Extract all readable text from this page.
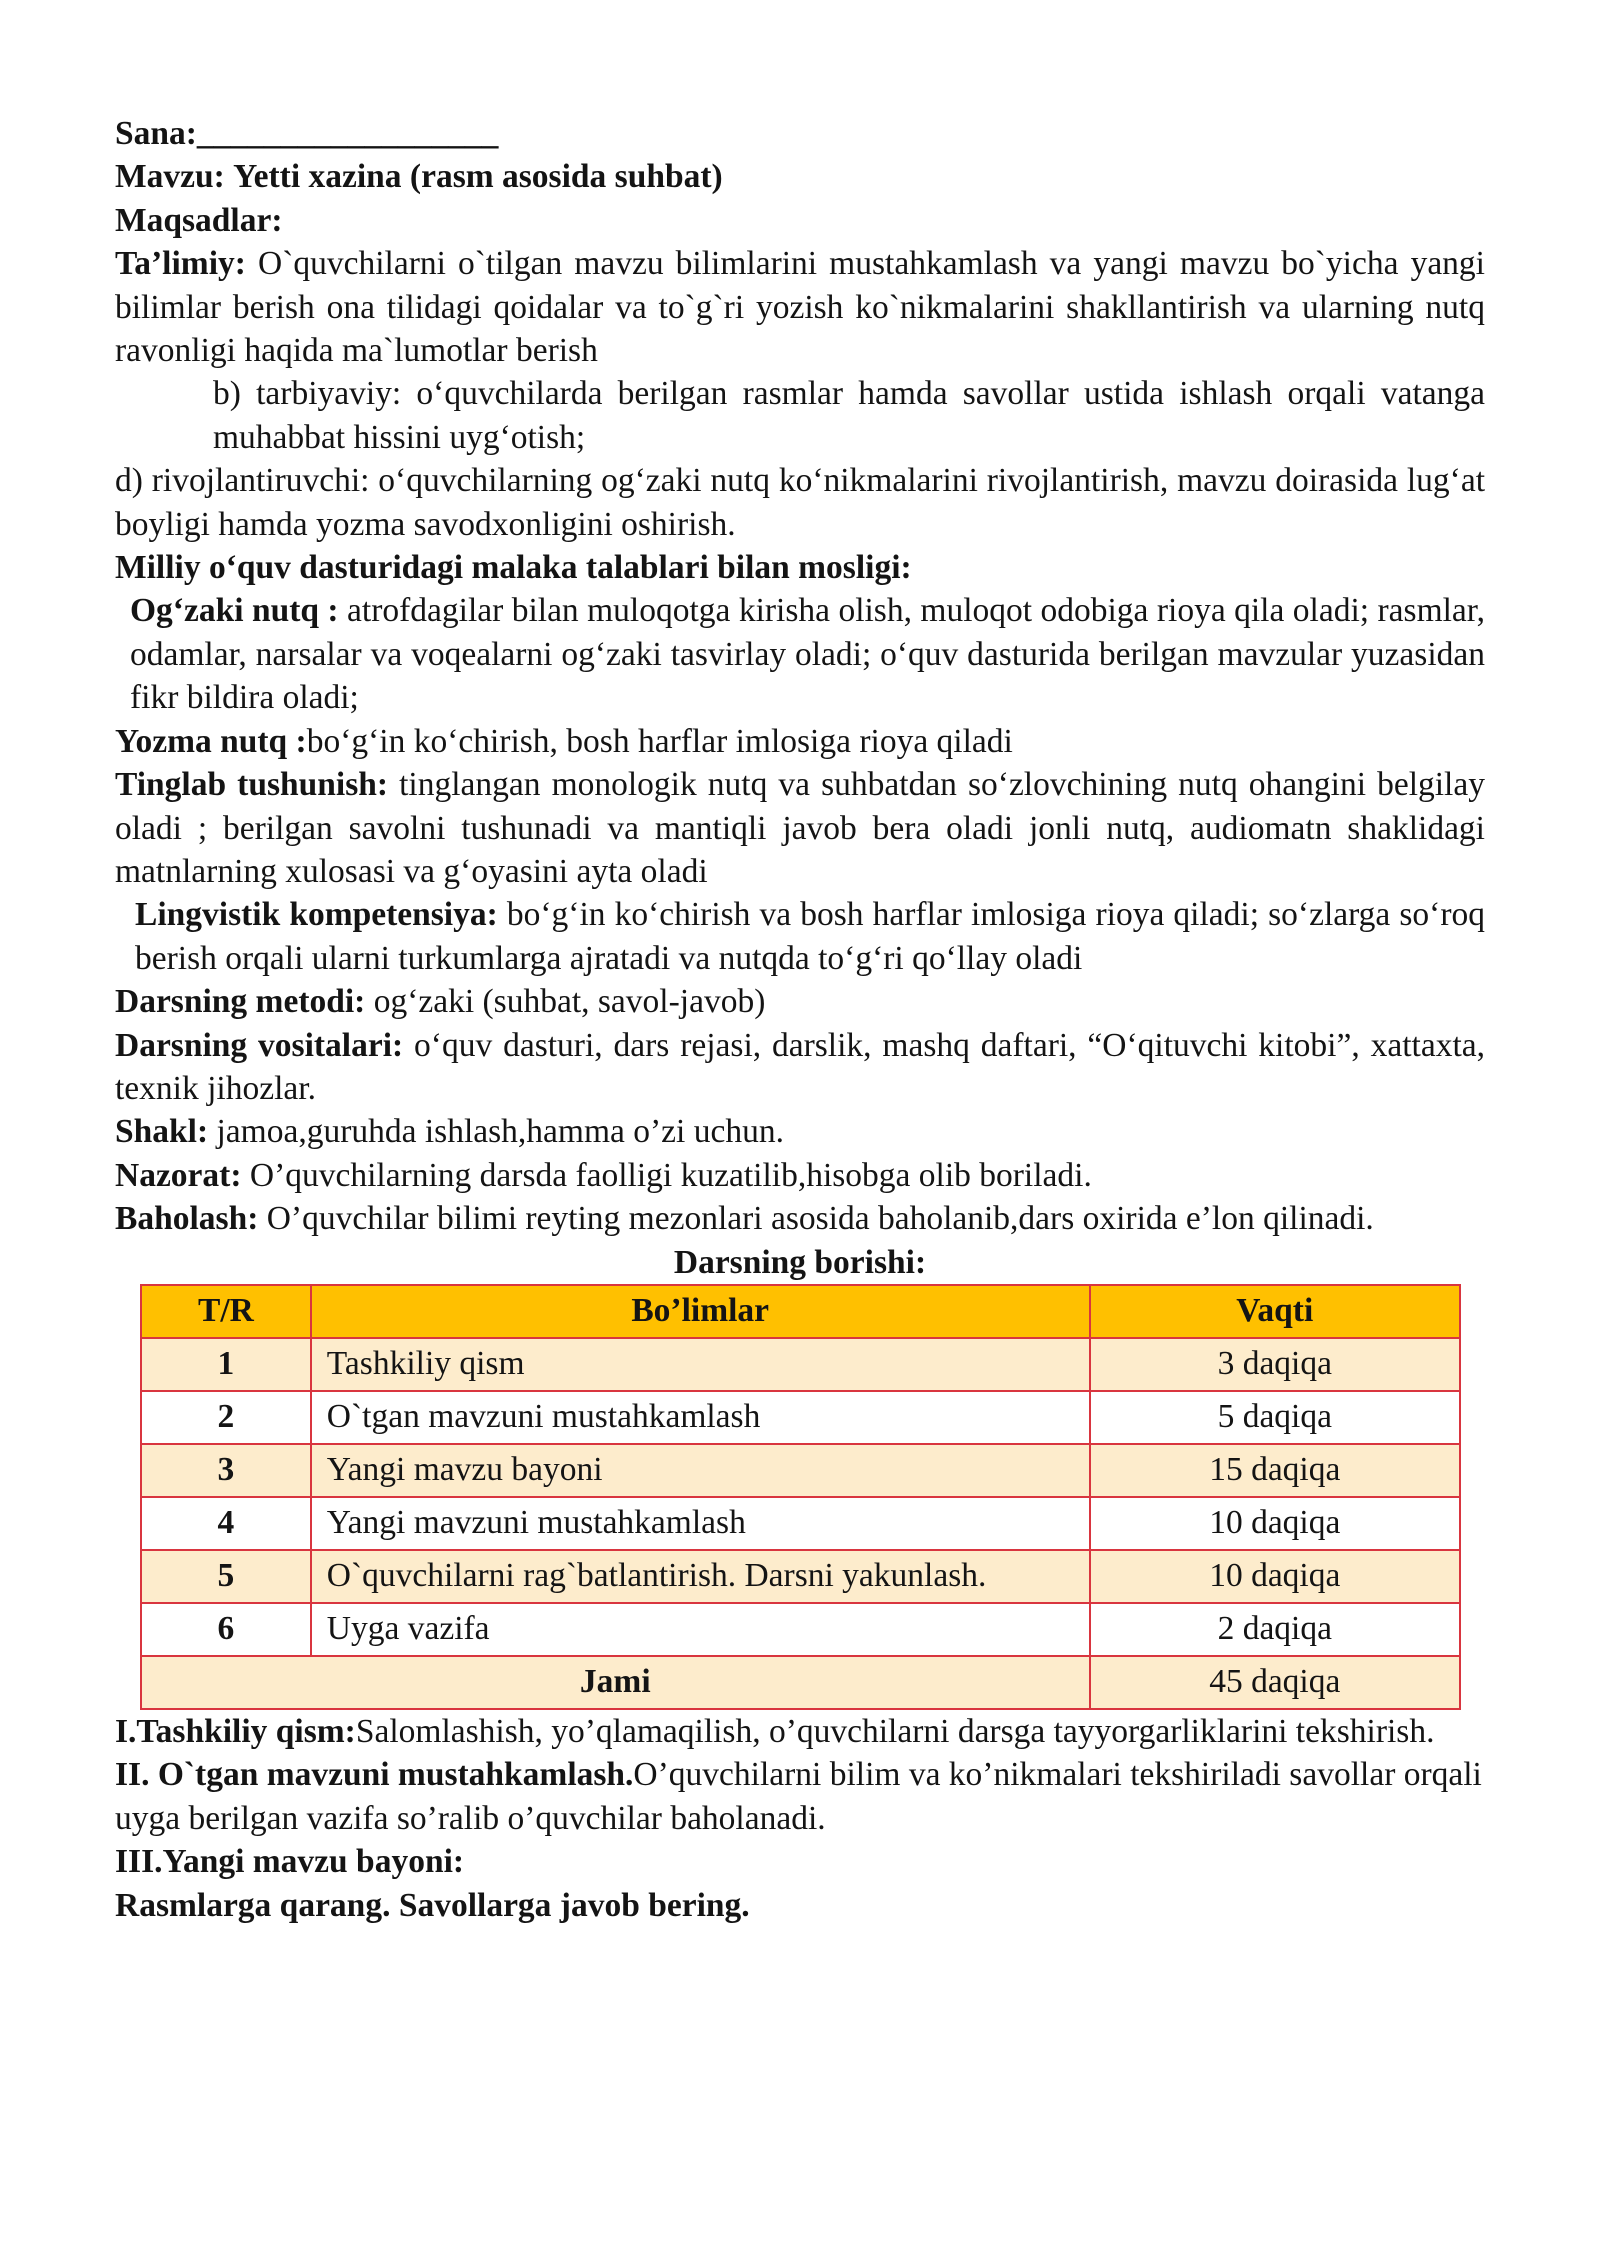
Sana:__________________

Mavzu: Yetti xazina (rasm asosida suhbat)

Maqsadlar:

Ta’limiy: O`quvchilarni o`tilgan mavzu bilimlarini mustahkamlash va yangi mavzu bo`yicha yangi bilimlar berish ona tilidagi qoidalar va to`g`ri yozish ko`nikmalarini shakllantirish va ularning nutq ravonligi haqida ma`lumotlar berish

b) tarbiyaviy: o‘quvchilarda berilgan rasmlar hamda savollar ustida ishlash orqali vatanga muhabbat hissini uyg‘otish;

d) rivojlantiruvchi: o‘quvchilarning og‘zaki nutq ko‘nikmalarini rivojlantirish, mavzu doirasida lug‘at boyligi hamda yozma savodxonligini oshirish.

Milliy o‘quv dasturidagi malaka talablari bilan mosligi:

Og‘zaki nutq : atrofdagilar bilan muloqotga kirisha olish, muloqot odobiga rioya qila oladi; rasmlar, odamlar, narsalar va voqealarni og‘zaki tasvirlay oladi; o‘quv dasturida berilgan mavzular yuzasidan fikr bildira oladi;

Yozma nutq :bo‘g‘in ko‘chirish, bosh harflar imlosiga rioya qiladi

Tinglab tushunish: tinglangan monologik nutq va suhbatdan so‘zlovchining nutq ohangini belgilay oladi ; berilgan savolni tushunadi va mantiqli javob bera oladi jonli nutq, audiomatn shaklidagi matnlarning xulosasi va g‘oyasini ayta oladi

Lingvistik kompetensiya: bo‘g‘in ko‘chirish va bosh harflar imlosiga rioya qiladi; so‘zlarga so‘roq berish orqali ularni turkumlarga ajratadi va nutqda to‘g‘ri qo‘llay oladi

Darsning metodi: og‘zaki (suhbat, savol-javob)

Darsning vositalari: o‘quv dasturi, dars rejasi, darslik, mashq daftari, “O‘qituvchi kitobi”, xattaxta, texnik jihozlar.

Shakl: jamoa,guruhda ishlash,hamma o’zi uchun.

Nazorat: O’quvchilarning darsda faolligi kuzatilib,hisobga olib boriladi.

Baholash: O’quvchilar bilimi reyting mezonlari asosida baholanib,dars oxirida e’lon qilinadi.

Darsning borishi:

T/R	Bo’limlar	Vaqti
1	Tashkiliy qism	3 daqiqa
2	O`tgan mavzuni mustahkamlash	5 daqiqa
3	Yangi mavzu bayoni	15 daqiqa
4	Yangi mavzuni mustahkamlash	10 daqiqa
5	O`quvchilarni rag`batlantirish. Darsni yakunlash.	10 daqiqa
6	Uyga vazifa	2 daqiqa
Jami		45 daqiqa

I.Tashkiliy qism:Salomlashish, yo’qlamaqilish, o’quvchilarni darsga tayyorgarliklarini tekshirish.

II. O`tgan mavzuni mustahkamlash.O’quvchilarni bilim va ko’nikmalari tekshiriladi savollar orqali uyga berilgan vazifa so’ralib o’quvchilar baholanadi.

III.Yangi mavzu bayoni:

Rasmlarga qarang. Savollarga javob bering.
